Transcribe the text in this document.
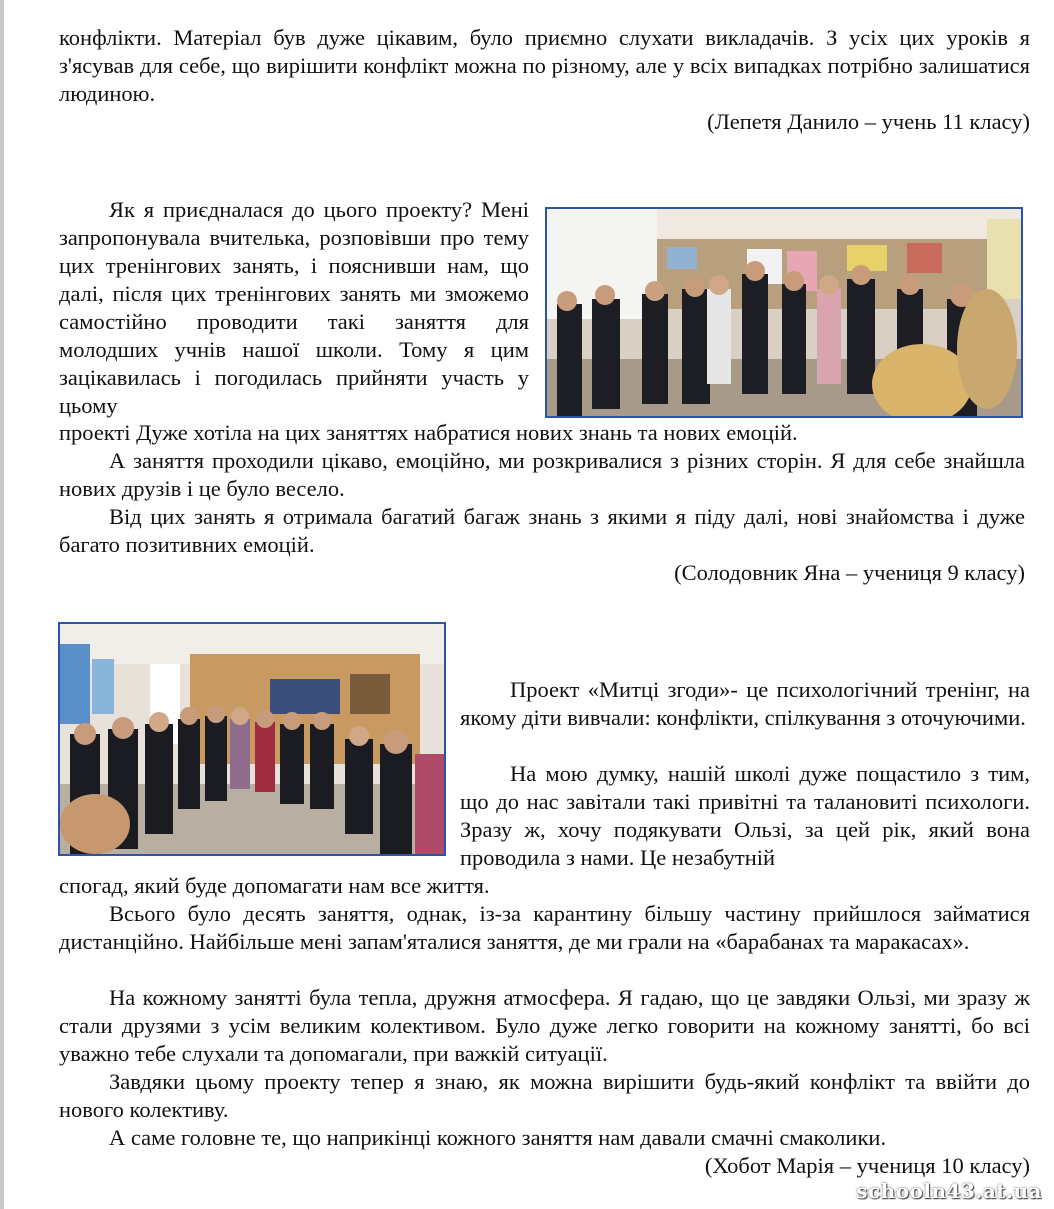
конфлікти. Матеріал був дуже цікавим, було приємно слухати викладачів. З усіх цих уроків я з'ясував для себе, що вирішити конфлікт можна по різному, але у всіх випадках потрібно залишатися людиною.

(Лепетя Данило – учень 11 класу)

Як я приєдналася до цього проекту? Мені запропонувала вчителька, розповівши про тему цих тренінгових занять, і пояснивши нам, що далі, після цих тренінгових занять ми зможемо самостійно проводити такі заняття для молодших учнів нашої школи. Тому я цим зацікавилась і погодилась прийняти участь у цьому

проекті Дуже хотіла на цих заняттях набратися нових знань та нових емоцій.

А заняття проходили цікаво, емоційно, ми розкривалися з різних сторін. Я для себе знайшла нових друзів і це було весело.

Від цих занять я отримала багатий багаж знань з якими я піду далі, нові знайомства і дуже багато позитивних емоцій.

(Солодовник Яна – учениця 9 класу)

Проект «Митці згоди»- це психологічний тренінг, на якому діти вивчали: конфлікти, спілкування з оточуючими.

На мою думку, нашій школі дуже пощастило з тим, що до нас завітали такі привітні та талановиті психологи. Зразу ж, хочу подякувати Ользі, за цей рік, який вона проводила з нами. Це незабутній

спогад, який буде допомагати нам все життя.

Всього було десять заняття, однак, із-за карантину більшу частину прийшлося займатися дистанційно. Найбільше мені запам'яталися заняття, де ми грали на «барабанах та маракасах».

На кожному занятті була тепла, дружня атмосфера. Я гадаю, що це завдяки Ользі, ми зразу ж стали друзями з усім великим колективом. Було дуже легко говорити на кожному занятті, бо всі уважно тебе слухали та допомагали, при важкій ситуації.

Завдяки цьому проекту тепер я знаю, як можна вирішити будь-який конфлікт та ввійти до нового колективу.

А саме головне те, що наприкінці кожного заняття нам давали смачні смаколики.

(Хобот Марія – учениця 10 класу)

schooln43.at.ua
